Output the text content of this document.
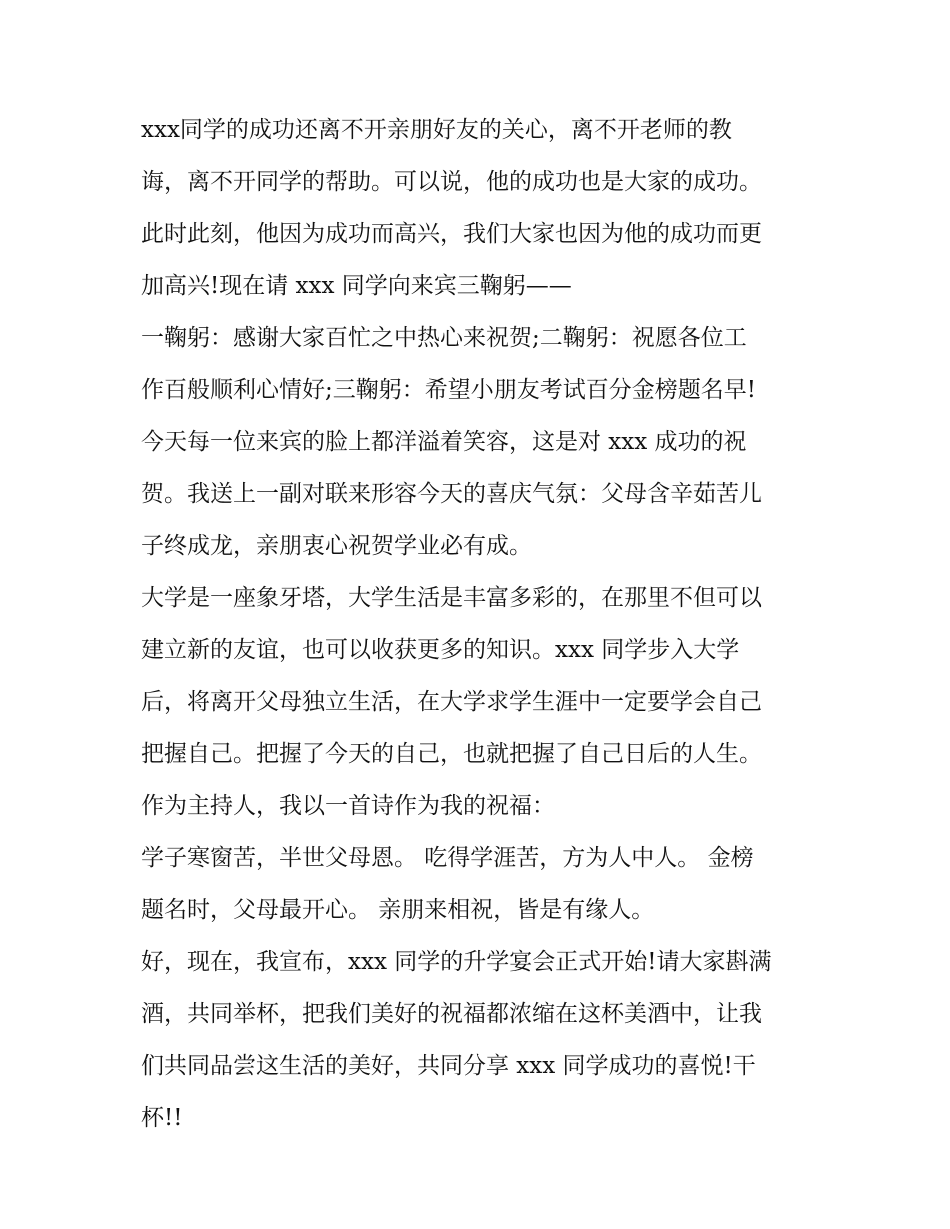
xxx同学的成功还离不开亲朋好友的关心，离不开老师的教

诲，离不开同学的帮助。可以说，他的成功也是大家的成功。

此时此刻，他因为成功而高兴，我们大家也因为他的成功而更

加高兴!现在请 xxx 同学向来宾三鞠躬——

一鞠躬：感谢大家百忙之中热心来祝贺;二鞠躬：祝愿各位工

作百般顺利心情好;三鞠躬：希望小朋友考试百分金榜题名早!

今天每一位来宾的脸上都洋溢着笑容，这是对 xxx 成功的祝

贺。我送上一副对联来形容今天的喜庆气氛：父母含辛茹苦儿

子终成龙，亲朋衷心祝贺学业必有成。

大学是一座象牙塔，大学生活是丰富多彩的，在那里不但可以

建立新的友谊，也可以收获更多的知识。xxx 同学步入大学

后，将离开父母独立生活，在大学求学生涯中一定要学会自己

把握自己。把握了今天的自己，也就把握了自己日后的人生。

作为主持人，我以一首诗作为我的祝福：

学子寒窗苦，半世父母恩。 吃得学涯苦，方为人中人。 金榜

题名时，父母最开心。 亲朋来相祝，皆是有缘人。

好，现在，我宣布，xxx 同学的升学宴会正式开始!请大家斟满

酒，共同举杯，把我们美好的祝福都浓缩在这杯美酒中，让我

们共同品尝这生活的美好，共同分享 xxx 同学成功的喜悦!干

杯!!
